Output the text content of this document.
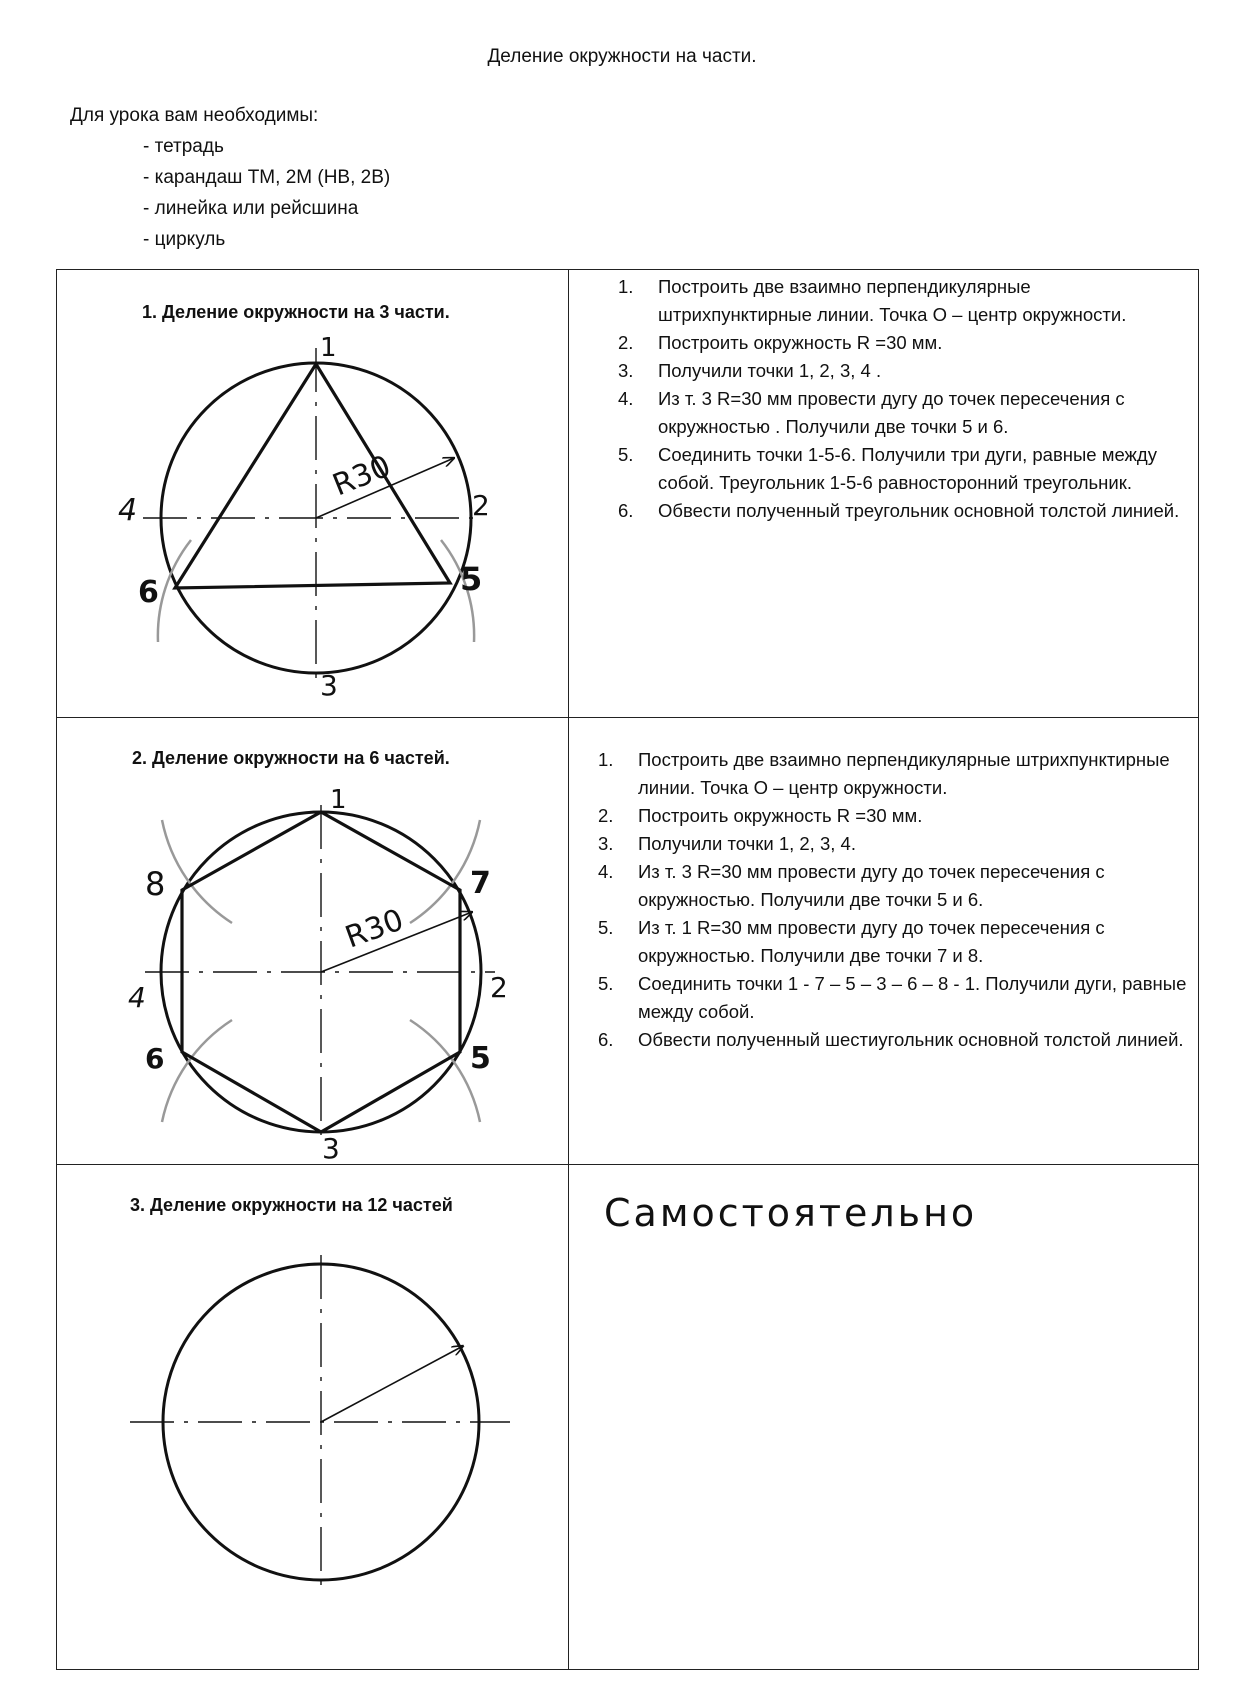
Деление окружности на части.
Для урока вам необходимы:
- тетрадь
- карандаш ТМ, 2М (НВ, 2В)
- линейка или рейсшина
- циркуль
1. Деление окружности на 3 части.
2. Деление окружности на 6 частей.
3. Деление окружности на 12 частей
1.	Построить две взаимно перпендикулярные штрихпунктирные линии. Точка О – центр окружности.
2.	Построить окружность R =30 мм.
3.	Получили точки 1, 2, 3, 4 .
4.	Из т. 3 R=30 мм провести дугу до точек пересечения с окружностью . Получили две точки 5 и 6.
5.	Соединить точки 1-5-6. Получили три дуги, равные между собой. Треугольник 1-5-6 равносторонний треугольник.
6.	Обвести полученный треугольник основной толстой линией.
1.	Построить две взаимно перпендикулярные штрихпунктирные линии. Точка О – центр окружности.
2.	Построить окружность R =30 мм.
3.	Получили точки 1, 2, 3, 4.
4.	Из т. 3 R=30 мм провести дугу до точек пересечения с окружностью. Получили две точки 5 и 6.
5.	Из т. 1 R=30 мм провести дугу до точек пересечения с окружностью. Получили две точки 7 и 8.
5.	Соединить точки 1 - 7 – 5 – 3 – 6 – 8 - 1. Получили дуги, равные между собой.
6.	Обвести полученный шестиугольник основной толстой линией.
Самостоятельно
R30
1
2
3
4
5
6
R30
1
2
3
4
5
6
7
8
